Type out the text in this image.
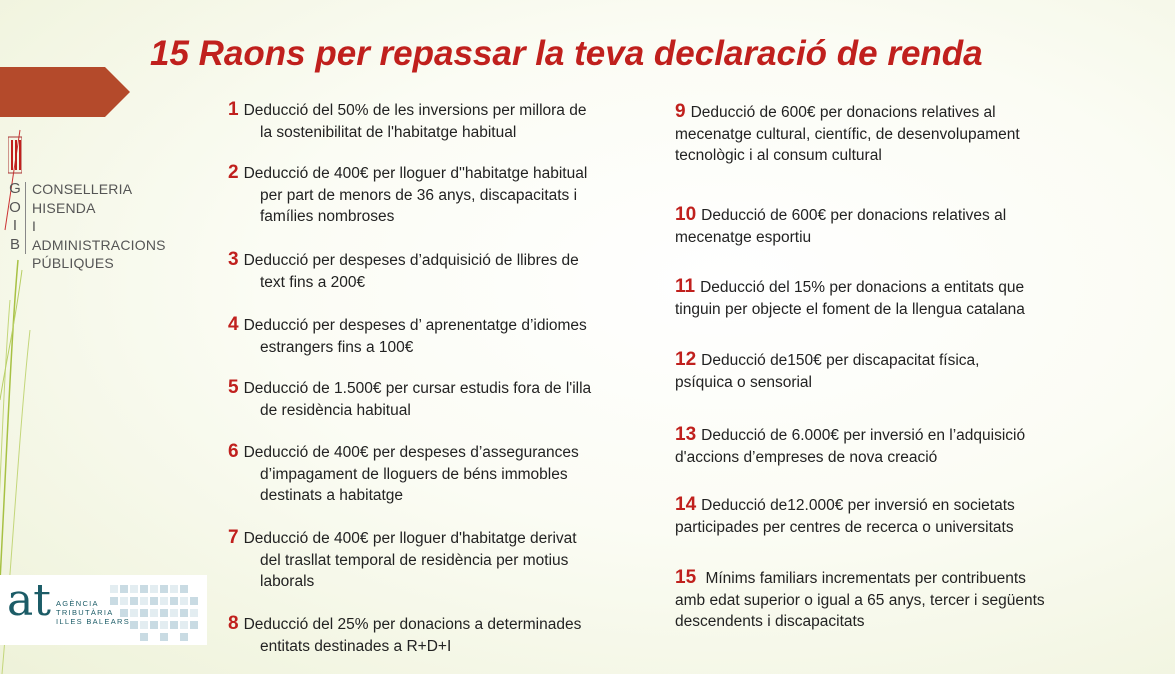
15 Raons per repassar la teva declaració de renda
G
O
I
B
CONSELLERIA
HISENDA
I ADMINISTRACIONS
PÚBLIQUES
at AGÈNCIA
TRIBUTÀRIA
ILLES BALEARS
1 Deducció del 50% de les inversions per millora de
la sostenibilitat de l'habitatge habitual
2 Deducció de 400€ per lloguer d''habitatge habitual
per part de menors de 36 anys, discapacitats i famílies nombroses
3 Deducció per despeses d’adquisició de llibres de
text fins a 200€
4 Deducció per despeses d’ aprenentatge d’idiomes
estrangers fins a 100€
5 Deducció de 1.500€ per cursar estudis fora de l'illa
de residència habitual
6 Deducció de 400€ per despeses d’assegurances
d’impagament de lloguers de béns immobles destinats a habitatge
7 Deducció de 400€ per lloguer d'habitatge derivat
del trasllat temporal de residència per motius laborals
8 Deducció del 25% per donacions a determinades
entitats destinades a R+D+I
9 Deducció de 600€ per donacions relatives al
mecenatge cultural, científic, de desenvolupament tecnològic i al consum cultural
10 Deducció de 600€ per donacions relatives al
mecenatge esportiu
11 Deducció del 15% per donacions a entitats que
tinguin per objecte el foment de la llengua catalana
12 Deducció de150€ per discapacitat física,
psíquica o sensorial
13 Deducció de 6.000€ per inversió en l’adquisició
d'accions d’empreses de nova creació
14 Deducció de12.000€ per inversió en societats
participades per centres de recerca o universitats
15 Mínims familiars incrementats per contribuents
amb edat superior o igual a 65 anys, tercer i següents descendents i discapacitats
